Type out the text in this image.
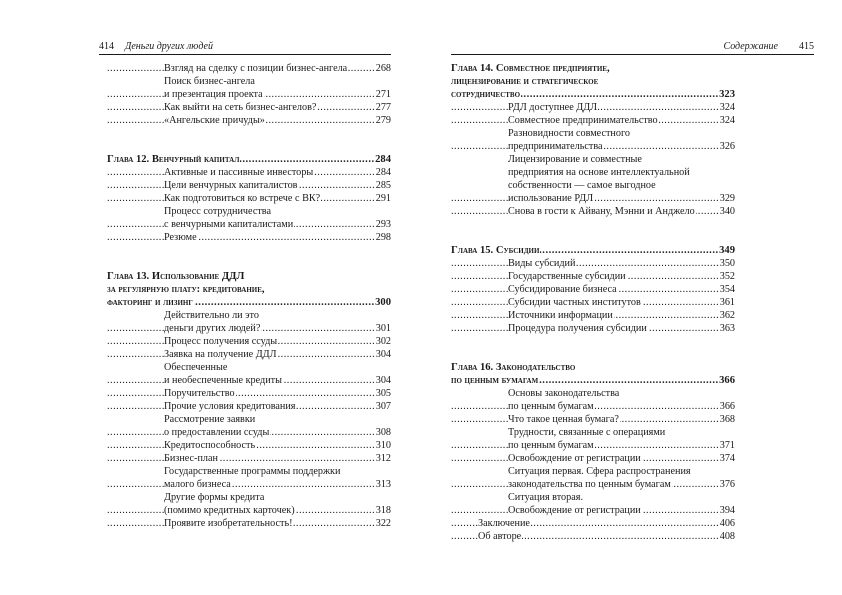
414 Деньги других людей
..... Взгляд на сделку с позиции бизнес-ангела	268
Поиск бизнес-ангела
..... и презентация проекта	271
..... Как выйти на сеть бизнес-ангелов?	277
..... «Ангельские причуды»	279
..... Глава 12. Венчурный капитал	284
..... Активные и пассивные инвесторы	284
..... Цели венчурных капиталистов	285
..... Как подготовиться ко встрече с ВК?	291
Процесс сотрудничества
..... с венчурными капиталистами	293
..... Резюме	298
Глава 13. Использование ДДЛ
за регулярную плату: кредитование,
..... факторинг и лизинг	300
Действительно ли это
..... деньги других людей?	301
..... Процесс получения ссуды	302
..... Заявка на получение ДДЛ	304
Обеспеченные
..... и необеспеченные кредиты	304
..... Поручительство	305
..... Прочие условия кредитования	307
Рассмотрение заявки
..... о предоставлении ссуды	308
..... Кредитоспособность	310
..... Бизнес-план	312
Государственные программы поддержки
..... малого бизнеса	313
Другие формы кредита
..... (помимо кредитных карточек)	318
..... Проявите изобретательность!	322
Содержание 415
Глава 14. Совместное предприятие,
лицензирование и стратегическое
..... сотрудничество	323
..... РДЛ доступнее ДДЛ	324
..... Совместное предпринимательство	324
Разновидности совместного
..... предпринимательства	326
Лицензирование и совместные
предприятия на основе интеллектуальной
собственности — самое выгодное
..... использование РДЛ	329
..... Снова в гости к Айвану, Мэнни и Анджело 340
..... Глава 15. Субсидии	349
..... Виды субсидий	350
..... Государственные субсидии	352
..... Субсидирование бизнеса	354
..... Субсидии частных институтов	361
..... Источники информации	362
..... Процедура получения субсидии	363
Глава 16. Законодательство
..... по ценным бумагам	366
Основы законодательства
..... по ценным бумагам	366
..... Что такое ценная бумага?	368
Трудности, связанные с операциями
..... по ценным бумагам	371
..... Освобождение от регистрации	374
Ситуация первая. Сфера распространения
..... законодательства по ценным бумагам	376
Ситуация вторая.
..... Освобождение от регистрации	394
..... Заключение	406
..... Об авторе	408
